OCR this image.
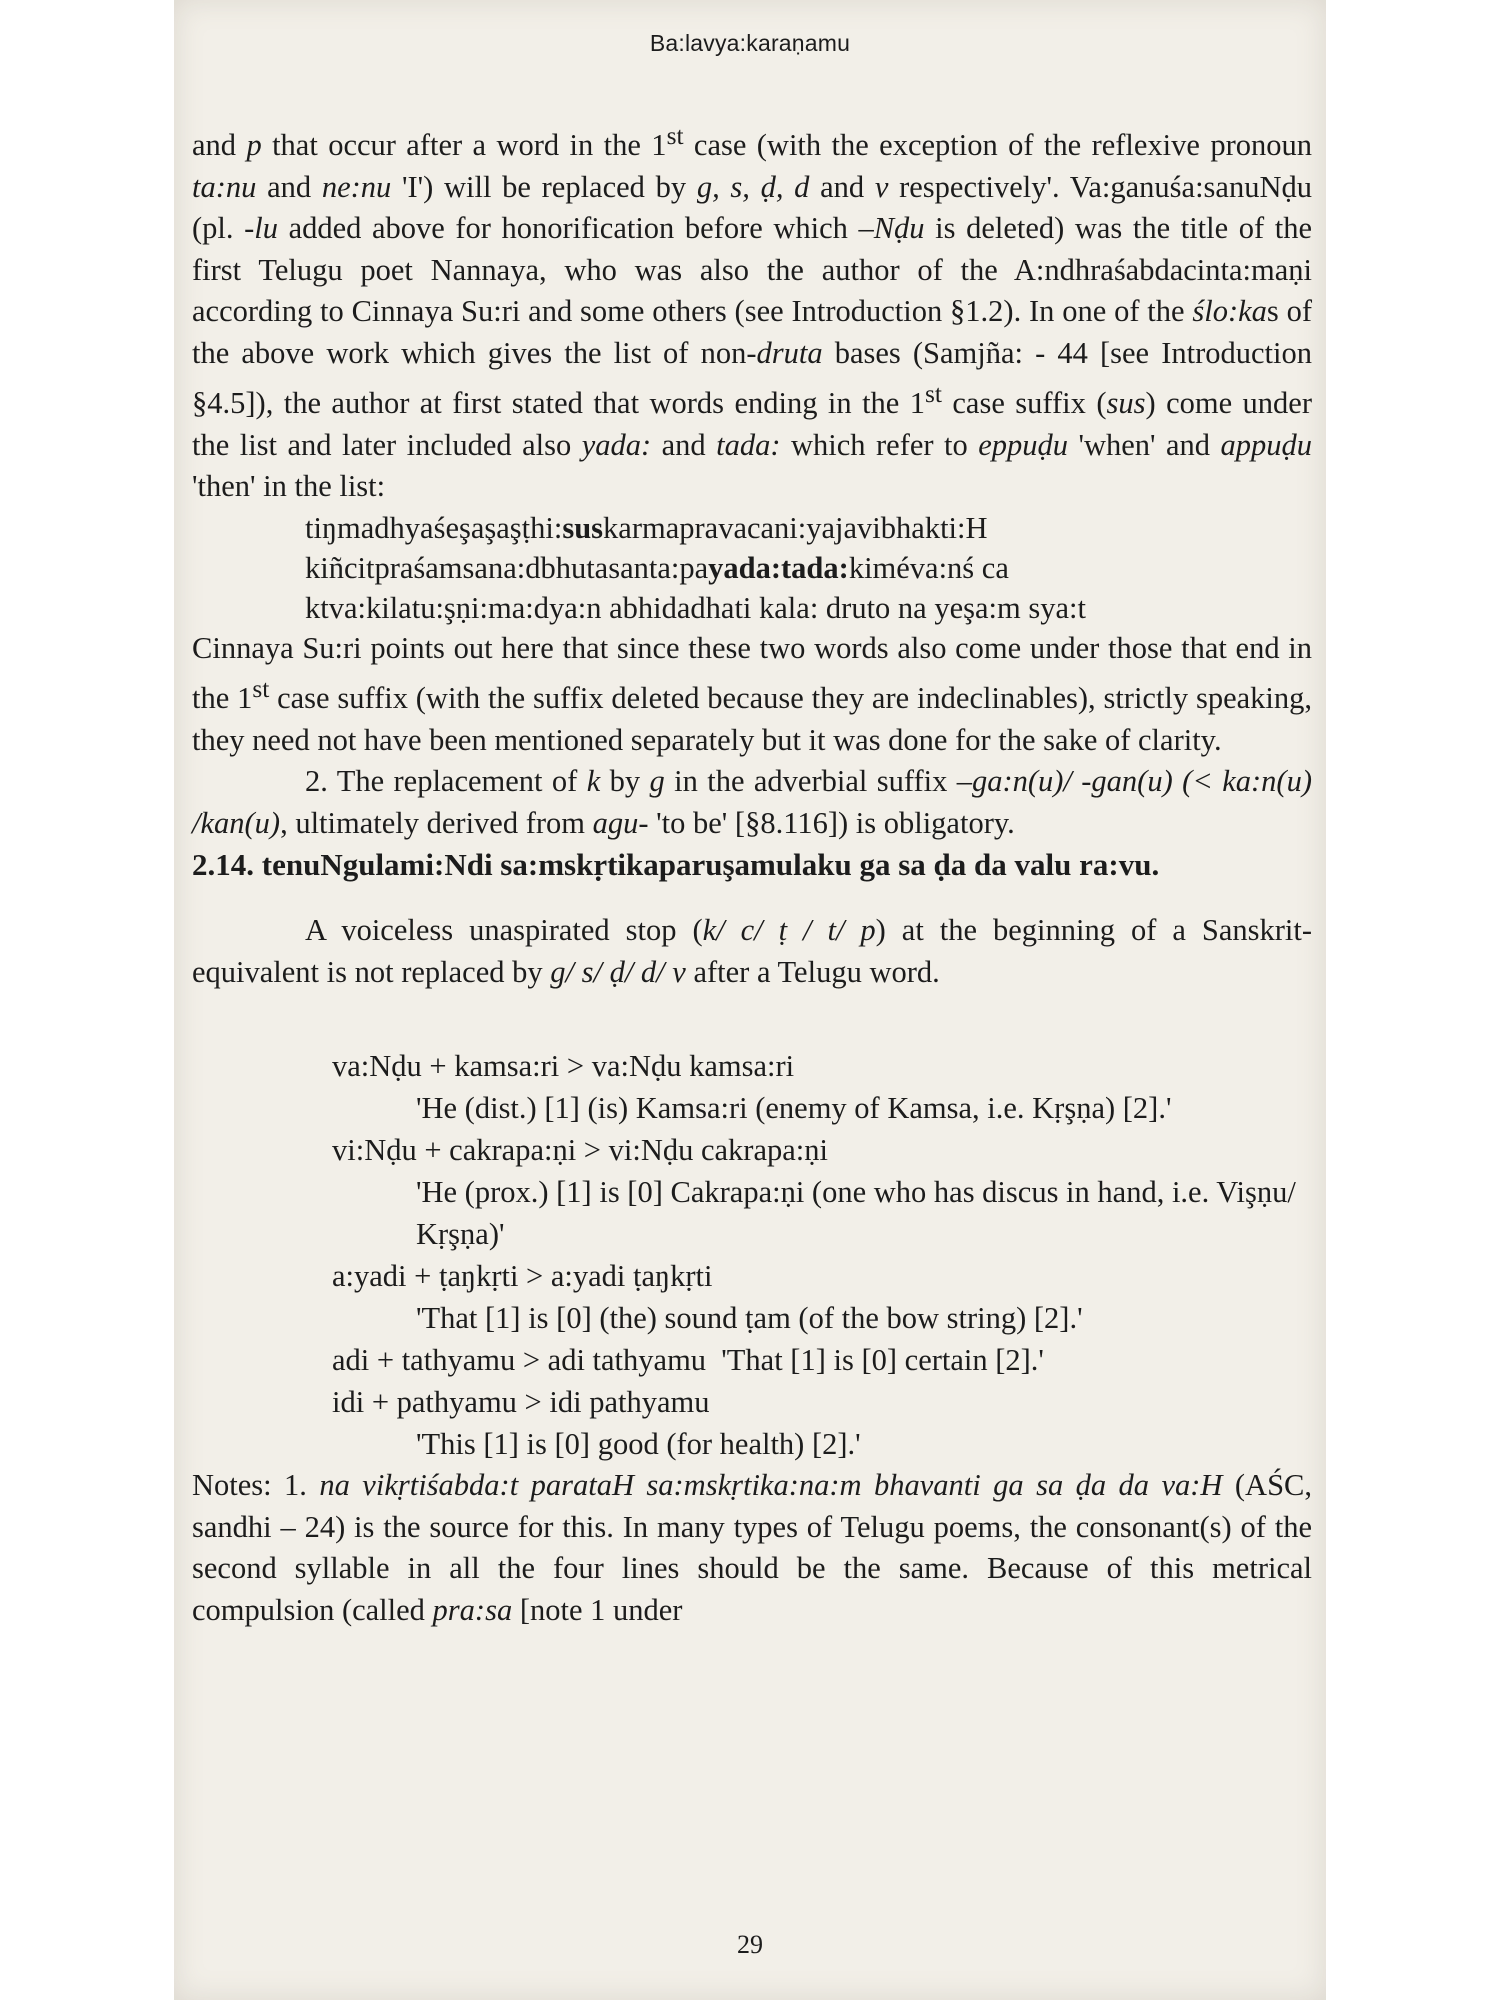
Ba:lavya:karaṇamu

and p that occur after a word in the 1st case (with the exception of the reflexive pronoun ta:nu and ne:nu 'I') will be replaced by g, s, ḍ, d and v respectively'. Va:ganuśa:sanuNḍu (pl. -lu added above for honorification before which –Nḍu is deleted) was the title of the first Telugu poet Nannaya, who was also the author of the A:ndhraśabdacinta:maṇi according to Cinnaya Su:ri and some others (see Introduction §1.2). In one of the ślo:kas of the above work which gives the list of non-druta bases (Samjña: - 44 [see Introduction §4.5]), the author at first stated that words ending in the 1st case suffix (sus) come under the list and later included also yada: and tada: which refer to eppuḍu 'when' and appuḍu 'then' in the list:

tiŋmadhyaśeşaşaşṭhi:suskarmapravacani:yajavibhakti:H
kiñcitpraśamsana:dbhutasanta:payada:tada:kiméva:nś ca
ktva:kilatu:şṇi:ma:dya:n abhidadhati kala: druto na yeşa:m sya:t

Cinnaya Su:ri points out here that since these two words also come under those that end in the 1st case suffix (with the suffix deleted because they are indeclinables), strictly speaking, they need not have been mentioned separately but it was done for the sake of clarity.

2. The replacement of k by g in the adverbial suffix –ga:n(u)/ -gan(u) (< ka:n(u) /kan(u), ultimately derived from agu- 'to be' [§8.116]) is obligatory.

2.14. tenuNgulami:Ndi sa:mskṛtikaparuşamulaku ga sa ḍa da valu ra:vu.

A voiceless unaspirated stop (k/ c/ ṭ / t/ p) at the beginning of a Sanskrit-equivalent is not replaced by g/ s/ ḍ/ d/ v after a Telugu word.

va:Nḍu + kamsa:ri > va:Nḍu kamsa:ri
'He (dist.) [1] (is) Kamsa:ri (enemy of Kamsa, i.e. Kṛşṇa) [2].'
vi:Nḍu + cakrapa:ṇi > vi:Nḍu cakrapa:ṇi
'He (prox.) [1] is [0] Cakrapa:ṇi (one who has discus in hand, i.e. Vişṇu/ Kṛşṇa)'
a:yadi + ṭaŋkṛti > a:yadi ṭaŋkṛti
'That [1] is [0] (the) sound ṭam (of the bow string) [2].'
adi + tathyamu > adi tathyamu 'That [1] is [0] certain [2].'
idi + pathyamu > idi pathyamu
'This [1] is [0] good (for health) [2].'

Notes: 1. na vikṛtiśabda:t parataH sa:mskṛtika:na:m bhavanti ga sa ḍa da va:H (AŚC, sandhi – 24) is the source for this. In many types of Telugu poems, the consonant(s) of the second syllable in all the four lines should be the same. Because of this metrical compulsion (called pra:sa [note 1 under

29
